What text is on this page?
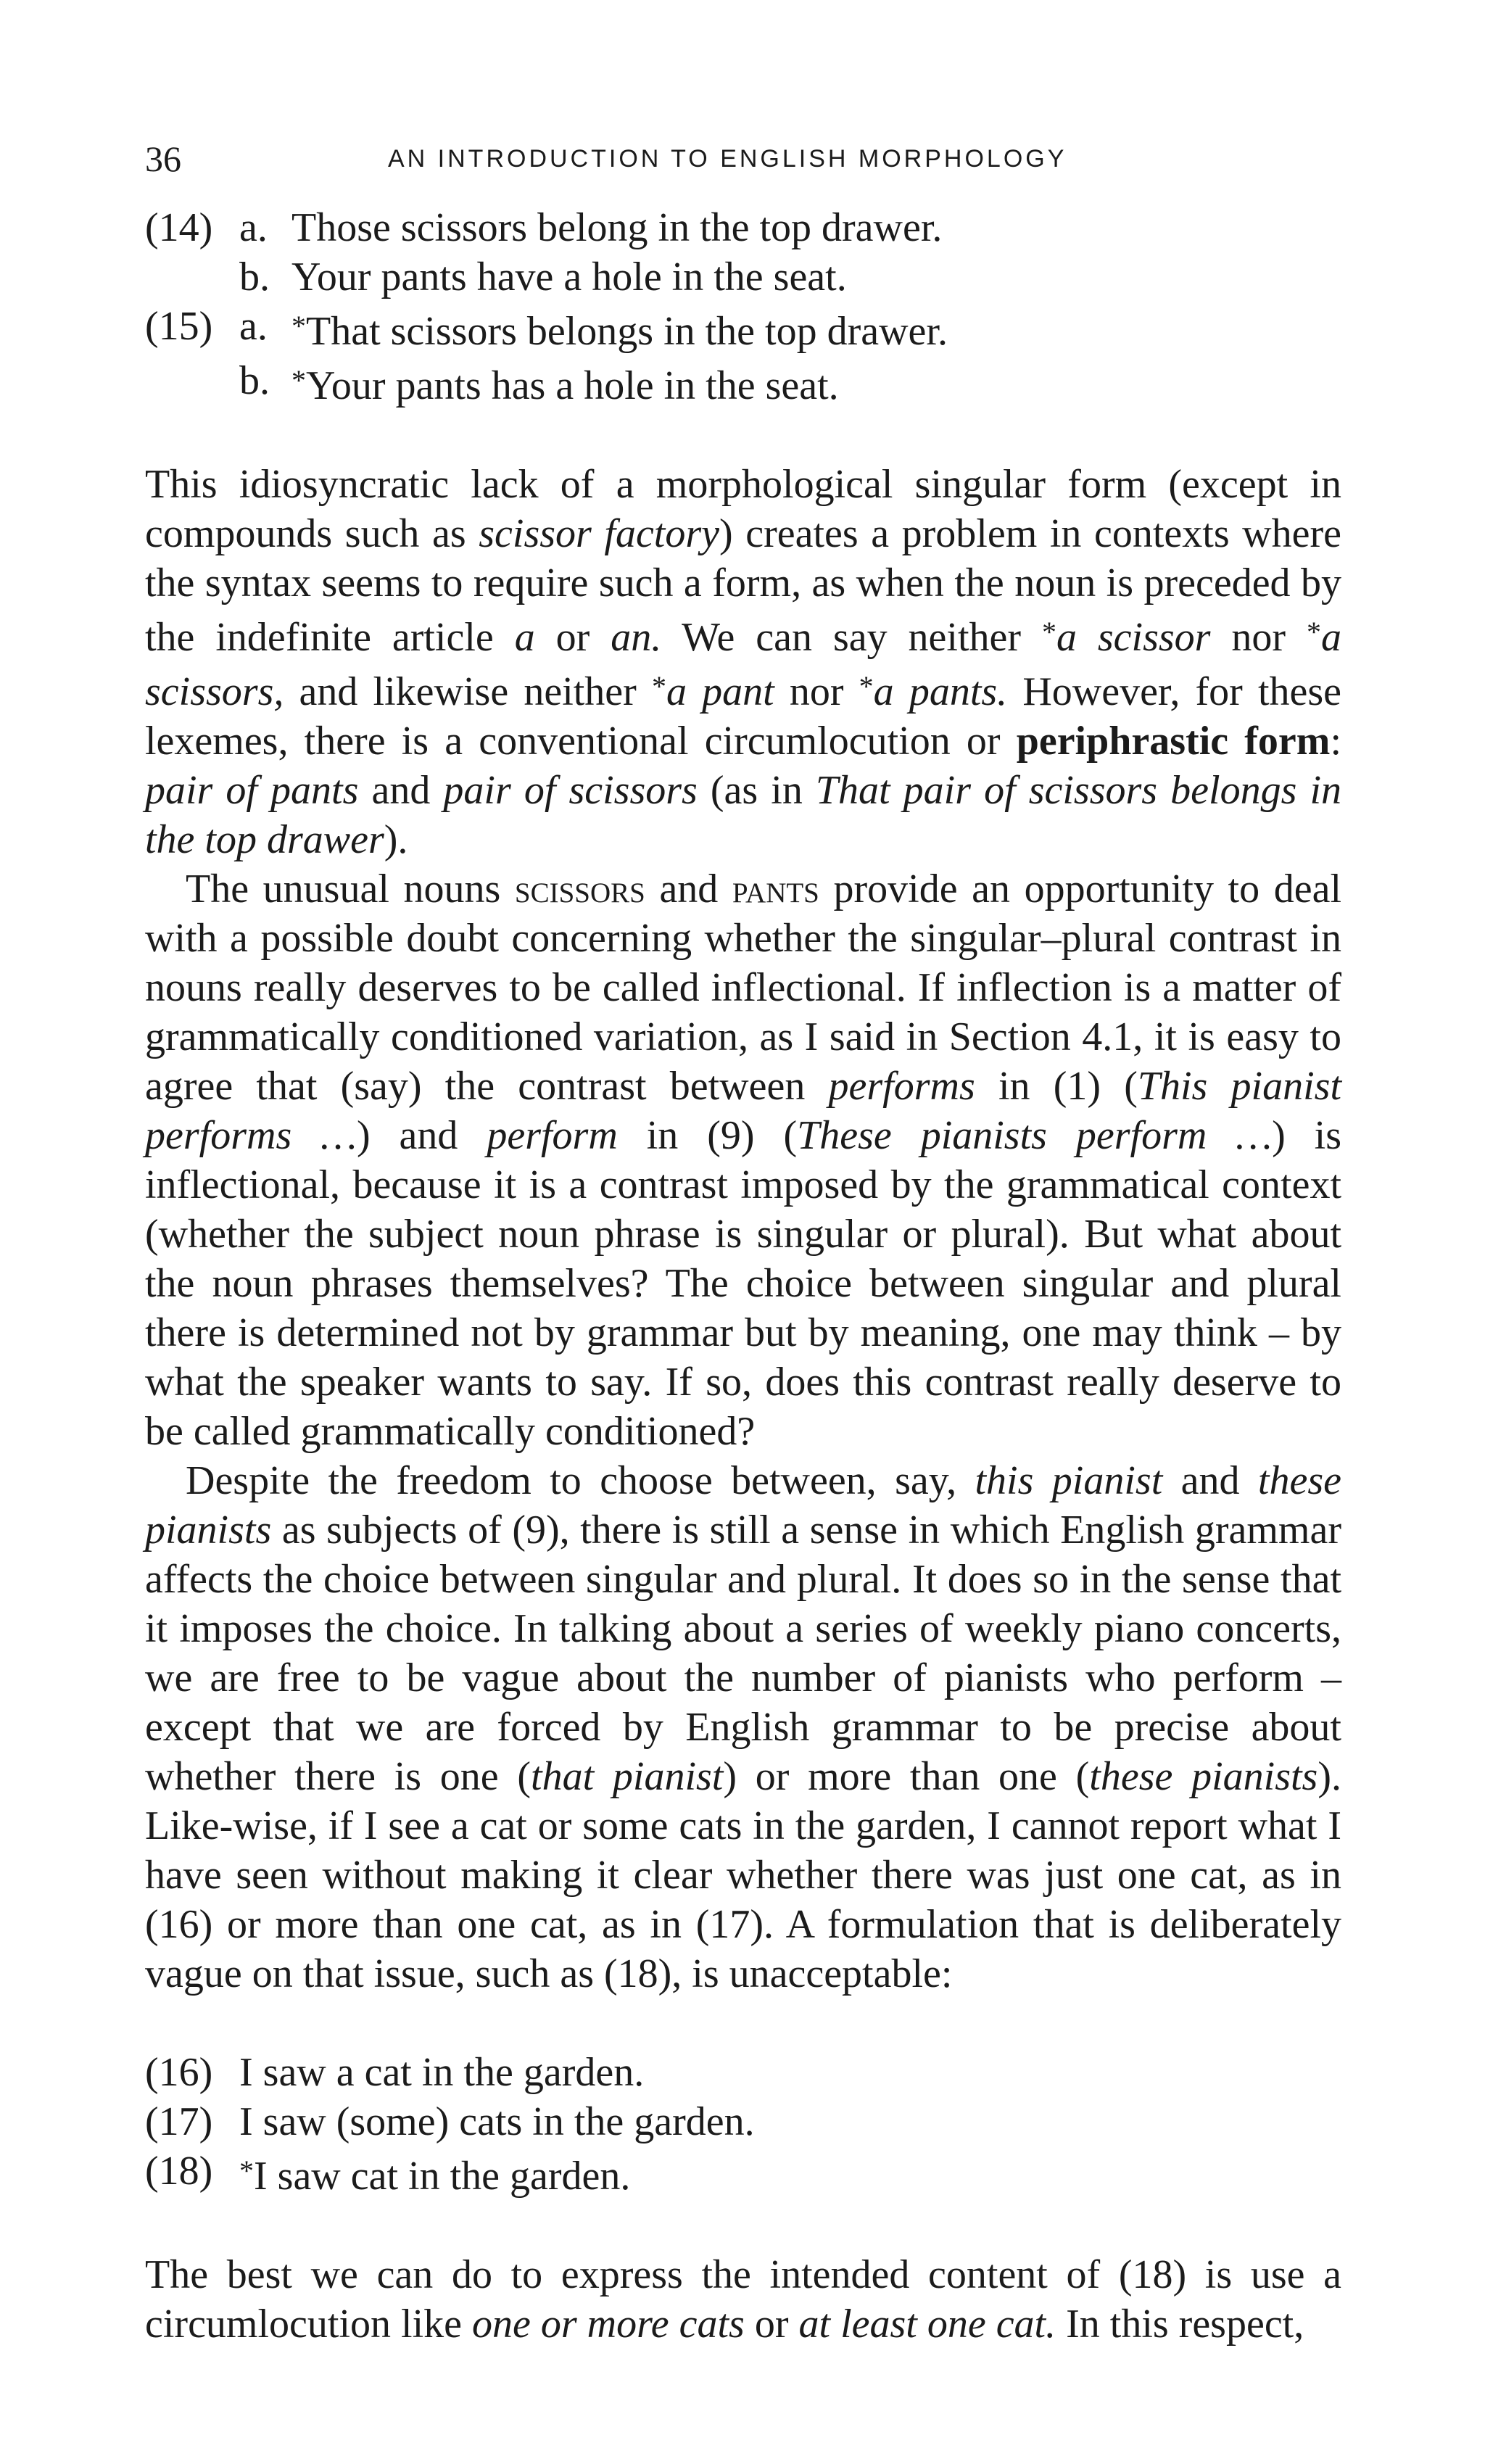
36	AN INTRODUCTION TO ENGLISH MORPHOLOGY
(14) a. Those scissors belong in the top drawer.
b. Your pants have a hole in the seat.
(15) a. *That scissors belongs in the top drawer.
b. *Your pants has a hole in the seat.

This idiosyncratic lack of a morphological singular form (except in compounds such as scissor factory) creates a problem in contexts where the syntax seems to require such a form, as when the noun is preceded by the indefinite article a or an. We can say neither *a scissor nor *a scissors, and likewise neither *a pant nor *a pants. However, for these lexemes, there is a conventional circumlocution or periphrastic form: pair of pants and pair of scissors (as in That pair of scissors belongs in the top drawer).

The unusual nouns scissors and pants provide an opportunity to deal with a possible doubt concerning whether the singular–plural contrast in nouns really deserves to be called inflectional. If inflection is a matter of grammatically conditioned variation, as I said in Section 4.1, it is easy to agree that (say) the contrast between performs in (1) (This pianist performs …) and perform in (9) (These pianists perform …) is inflectional, because it is a contrast imposed by the grammatical context (whether the subject noun phrase is singular or plural). But what about the noun phrases themselves? The choice between singular and plural there is determined not by grammar but by meaning, one may think – by what the speaker wants to say. If so, does this contrast really deserve to be called grammatically conditioned?

Despite the freedom to choose between, say, this pianist and these pianists as subjects of (9), there is still a sense in which English grammar affects the choice between singular and plural. It does so in the sense that it imposes the choice. In talking about a series of weekly piano concerts, we are free to be vague about the number of pianists who perform – except that we are forced by English grammar to be precise about whether there is one (that pianist) or more than one (these pianists). Like-wise, if I see a cat or some cats in the garden, I cannot report what I have seen without making it clear whether there was just one cat, as in (16) or more than one cat, as in (17). A formulation that is deliberately vague on that issue, such as (18), is unacceptable:

(16) I saw a cat in the garden.
(17) I saw (some) cats in the garden.
(18) *I saw cat in the garden.

The best we can do to express the intended content of (18) is use a circumlocution like one or more cats or at least one cat. In this respect,
